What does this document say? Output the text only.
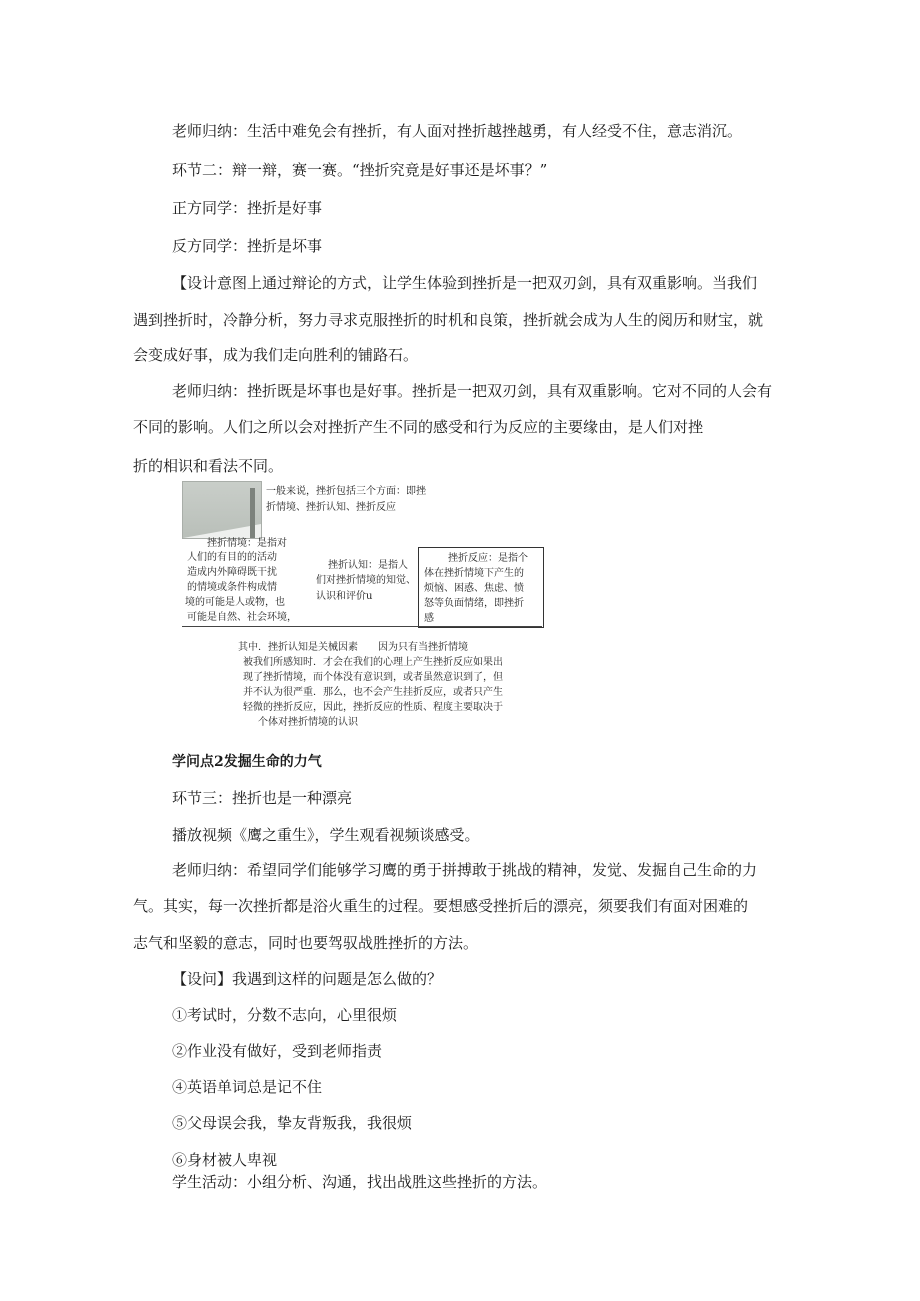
老师归纳：生活中难免会有挫折，有人面对挫折越挫越勇，有人经受不住，意志消沉。

环节二：辩一辩，赛一赛。“挫折究竟是好事还是坏事？”

正方同学：挫折是好事

反方同学：挫折是坏事

【设计意图上通过辩论的方式，让学生体验到挫折是一把双刃剑，具有双重影响。当我们

遇到挫折时，冷静分析，努力寻求克服挫折的时机和良策，挫折就会成为人生的阅历和财宝，就

会变成好事，成为我们走向胜利的铺路石。

老师归纳：挫折既是坏事也是好事。挫折是一把双刃剑，具有双重影响。它对不同的人会有

不同的影响。人们之所以会对挫折产生不同的感受和行为反应的主要缘由，是人们对挫

折的相识和看法不同。

一般来说，挫折包括三个方面：即挫

折情境、挫折认知、挫折反应

挫折情境：是指对

人们的有目的的活动

造成内外障碍既干扰

的情境或条件构成情

境的可能是人或物，也

可能是自然、社会环境，

挫折认知：是指人

们对挫折情境的知觉、

认识和评价u

挫折反应：是指个
体在挫折情境下产生的
烦恼、困惑、焦虑、愤
怒等负面情绪，即挫折
感

其中．挫折认知是关械因素　　因为只有当挫折情境

被我们所感知时．才会在我们的心理上产生挫折反应如果出

现了挫折情境，而个体没有意识到，或者虽然意识到了，但

并不认为很严重．那么，也不会产生挂折反应，或者只产生

轻微的挫折反应，因此，挫折反应的性质、程度主要取决于

个体对挫折情境的认识

学问点2发掘生命的力气

环节三：挫折也是一种漂亮

播放视频《鹰之重生》，学生观看视频谈感受。

老师归纳：希望同学们能够学习鹰的勇于拼搏敢于挑战的精神，发觉、发掘自己生命的力

气。其实，每一次挫折都是浴火重生的过程。要想感受挫折后的漂亮，须要我们有面对困难的

志气和坚毅的意志，同时也要驾驭战胜挫折的方法。

【设问】我遇到这样的问题是怎么做的？

①考试时，分数不志向，心里很烦

②作业没有做好，受到老师指责

④英语单词总是记不住

⑤父母误会我，挚友背叛我，我很烦

⑥身材被人卑视

学生活动：小组分析、沟通，找出战胜这些挫折的方法。
